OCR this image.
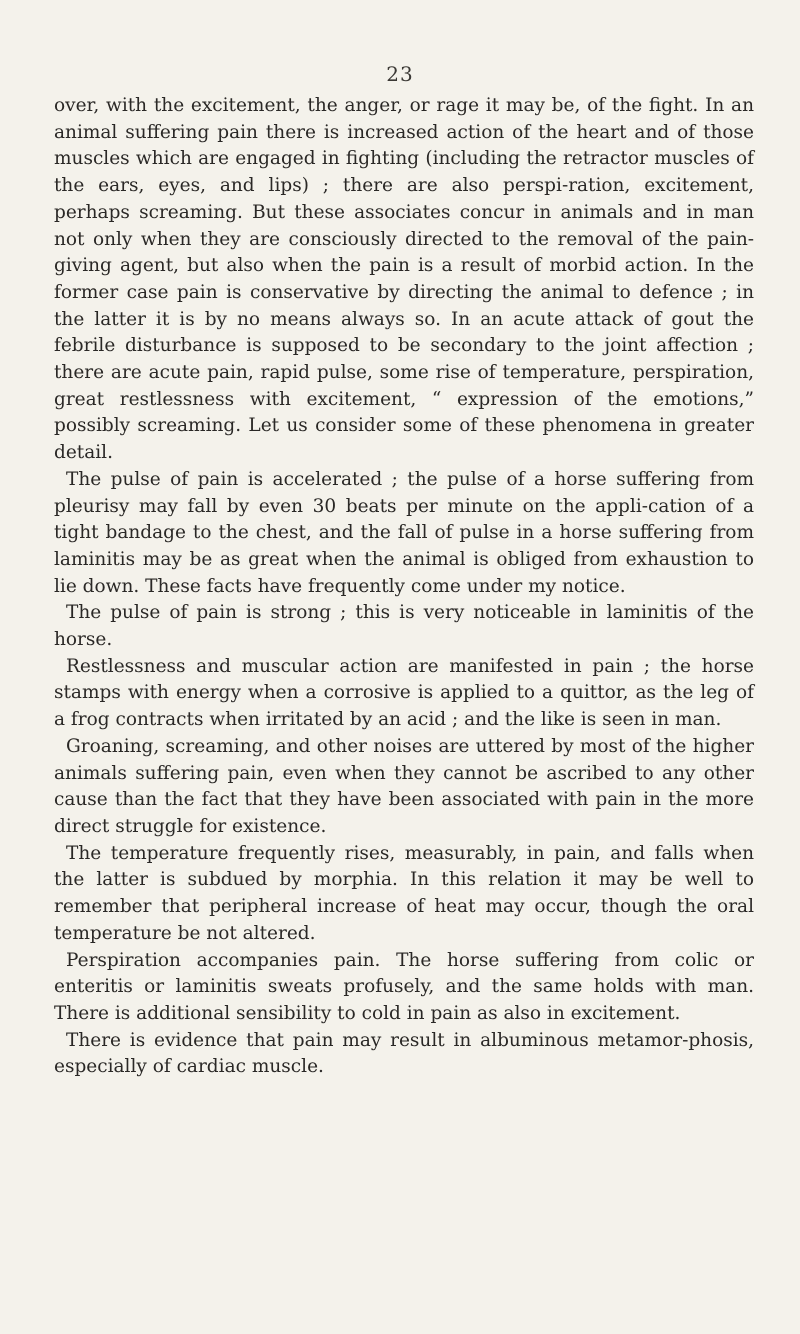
23

over, with the excitement, the anger, or rage it may be, of the fight. In an animal suffering pain there is increased action of the heart and of those muscles which are engaged in fighting (including the retractor muscles of the ears, eyes, and lips) ; there are also perspi-ration, excitement, perhaps screaming. But these associates concur in animals and in man not only when they are consciously directed to the removal of the pain-giving agent, but also when the pain is a result of morbid action. In the former case pain is conservative by directing the animal to defence ; in the latter it is by no means always so. In an acute attack of gout the febrile disturbance is supposed to be secondary to the joint affection ; there are acute pain, rapid pulse, some rise of temperature, perspiration, great restlessness with excitement, “ expression of the emotions,” possibly screaming. Let us consider some of these phenomena in greater detail.

The pulse of pain is accelerated ; the pulse of a horse suffering from pleurisy may fall by even 30 beats per minute on the appli-cation of a tight bandage to the chest, and the fall of pulse in a horse suffering from laminitis may be as great when the animal is obliged from exhaustion to lie down. These facts have frequently come under my notice.

The pulse of pain is strong ; this is very noticeable in laminitis of the horse.

Restlessness and muscular action are manifested in pain ; the horse stamps with energy when a corrosive is applied to a quittor, as the leg of a frog contracts when irritated by an acid ; and the like is seen in man.

Groaning, screaming, and other noises are uttered by most of the higher animals suffering pain, even when they cannot be ascribed to any other cause than the fact that they have been associated with pain in the more direct struggle for existence.

The temperature frequently rises, measurably, in pain, and falls when the latter is subdued by morphia. In this relation it may be well to remember that peripheral increase of heat may occur, though the oral temperature be not altered.

Perspiration accompanies pain. The horse suffering from colic or enteritis or laminitis sweats profusely, and the same holds with man. There is additional sensibility to cold in pain as also in excitement.

There is evidence that pain may result in albuminous metamor-phosis, especially of cardiac muscle.
